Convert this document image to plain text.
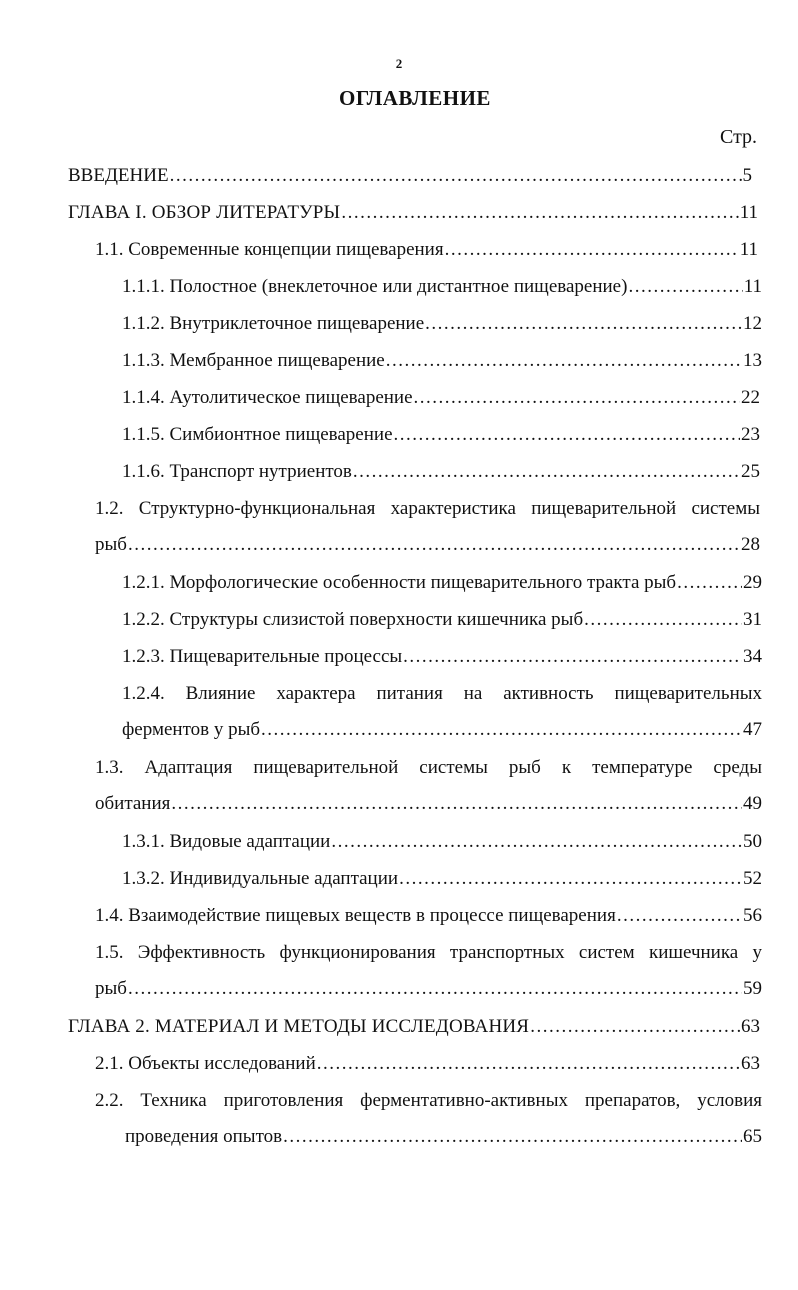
2
ОГЛАВЛЕНИЕ
Стр.
ВВЕДЕНИЕ .....	5
ГЛАВА I. ОБЗОР ЛИТЕРАТУРЫ .....	11
1.1. Современные концепции пищеварения .....	11
1.1.1. Полостное (внеклеточное или дистантное пищеварение) .....	11
1.1.2. Внутриклеточное пищеварение .....	12
1.1.3. Мембранное пищеварение .....	13
1.1.4. Аутолитическое пищеварение .....	22
1.1.5. Симбионтное пищеварение .....	23
1.1.6. Транспорт нутриентов .....	25
1.2. Структурно-функциональная характеристика пищеварительной системы
рыб .....	28
1.2.1. Морфологические особенности пищеварительного тракта рыб .....	29
1.2.2. Структуры слизистой поверхности кишечника рыб .....	31
1.2.3. Пищеварительные процессы .....	34
1.2.4. Влияние характера питания на активность пищеварительных
ферментов у рыб .....	47
1.3. Адаптация пищеварительной системы рыб к температуре среды
обитания .....	49
1.3.1. Видовые адаптации .....	50
1.3.2. Индивидуальные адаптации .....	52
1.4. Взаимодействие пищевых веществ в процессе пищеварения .....	56
1.5. Эффективность функционирования транспортных систем кишечника у
рыб .....	59
ГЛАВА 2. МАТЕРИАЛ И МЕТОДЫ ИССЛЕДОВАНИЯ .....	63
2.1. Объекты исследований .....	63
2.2. Техника приготовления ферментативно-активных препаратов, условия
проведения опытов .....	65
